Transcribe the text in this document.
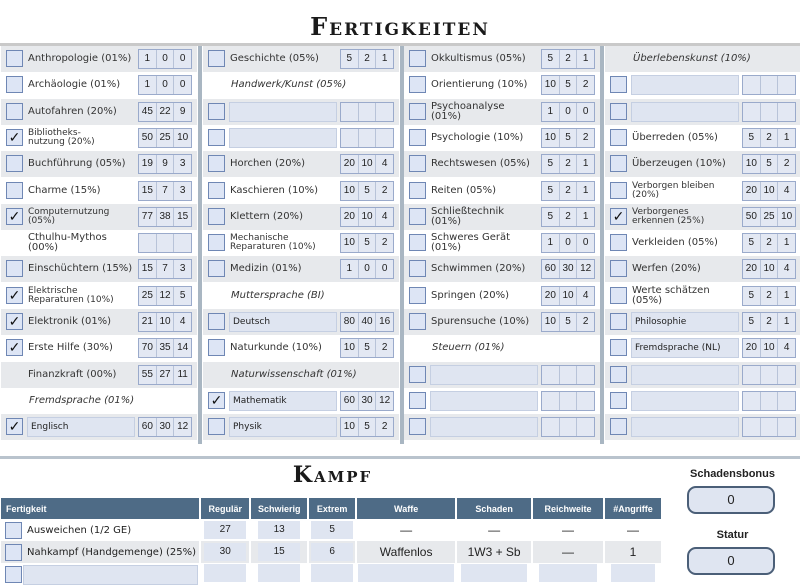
Fertigkeiten
Anthropologie (01%)	1	0	0
Archäologie (01%)	1	0	0
Autofahren (20%)	45 22 9
✓ Bibliotheks-
nutzung (20%)	50 25 10
Buchführung (05%)	19 9	3
Charme (15%)	15 7	3
✓ Computernutzung (05%)	77 38 15
Cthulhu-Mythos (00%)
Einschüchtern (15%) 15 7	3
✓ Elektrische
Reparaturen (10%)	25 12 5
✓ Elektronik (01%)	21 10 4
✓ Erste Hilfe (30%)	70 35 14
Finanzkraft (00%)	55 27 11
Fremdsprache (01%)
✓	Englisch	60 30 12
Geschichte (05%)	5	2	1
Handwerk/Kunst (05%)
Horchen (20%)	20 10 4
Kaschieren (10%)	10 5	2
Klettern (20%)	20 10 4
Mechanische
Reparaturen (10%)	10 5	2
Medizin (01%)	1	0	0
Muttersprache (BI)
Deutsch	80 40 16
Naturkunde (10%)	10 5	2
Naturwissenschaft (01%)
✓	Mathematik	60 30 12
Physik	10 5	2
Okkultismus (05%)	5	2	1
Orientierung (10%)	10 5	2
Psychoanalyse (01%)	1	0	0
Psychologie (10%)	10 5	2
Rechtswesen (05%)	5	2	1
Reiten (05%)	5	2	1
Schließtechnik (01%)	5	2	1
Schweres Gerät (01%)	1	0	0
Schwimmen (20%)	60 30 12
Springen (20%)	20 10 4
Spurensuche (10%)	10 5	2
Steuern (01%)
Überlebenskunst (10%)
Überreden (05%)	5	2	1
Überzeugen (10%)	10 5	2
Verborgen bleiben (20%)	20 10 4
✓ Verborgenes
erkennen (25%)	50 25 10
Verkleiden (05%)	5	2	1
Werfen (20%)	20 10 4
Werte schätzen (05%)	5	2	1
Philosophie	5	2	1
Fremdsprache (NL)	20 10 4
Kampf
Fertigkeit	Regulär	Schwierig	Extrem	Waffe	Schaden	Reichweite	#Angriffe

Ausweichen (1/2 GE)	27	13	5	—	—	—	—

Nahkampf (Handgemenge) (25%)	30	15	6	Waffenlos	1W3 + Sb	—	1

Schadensbonus
0
Statur
0
